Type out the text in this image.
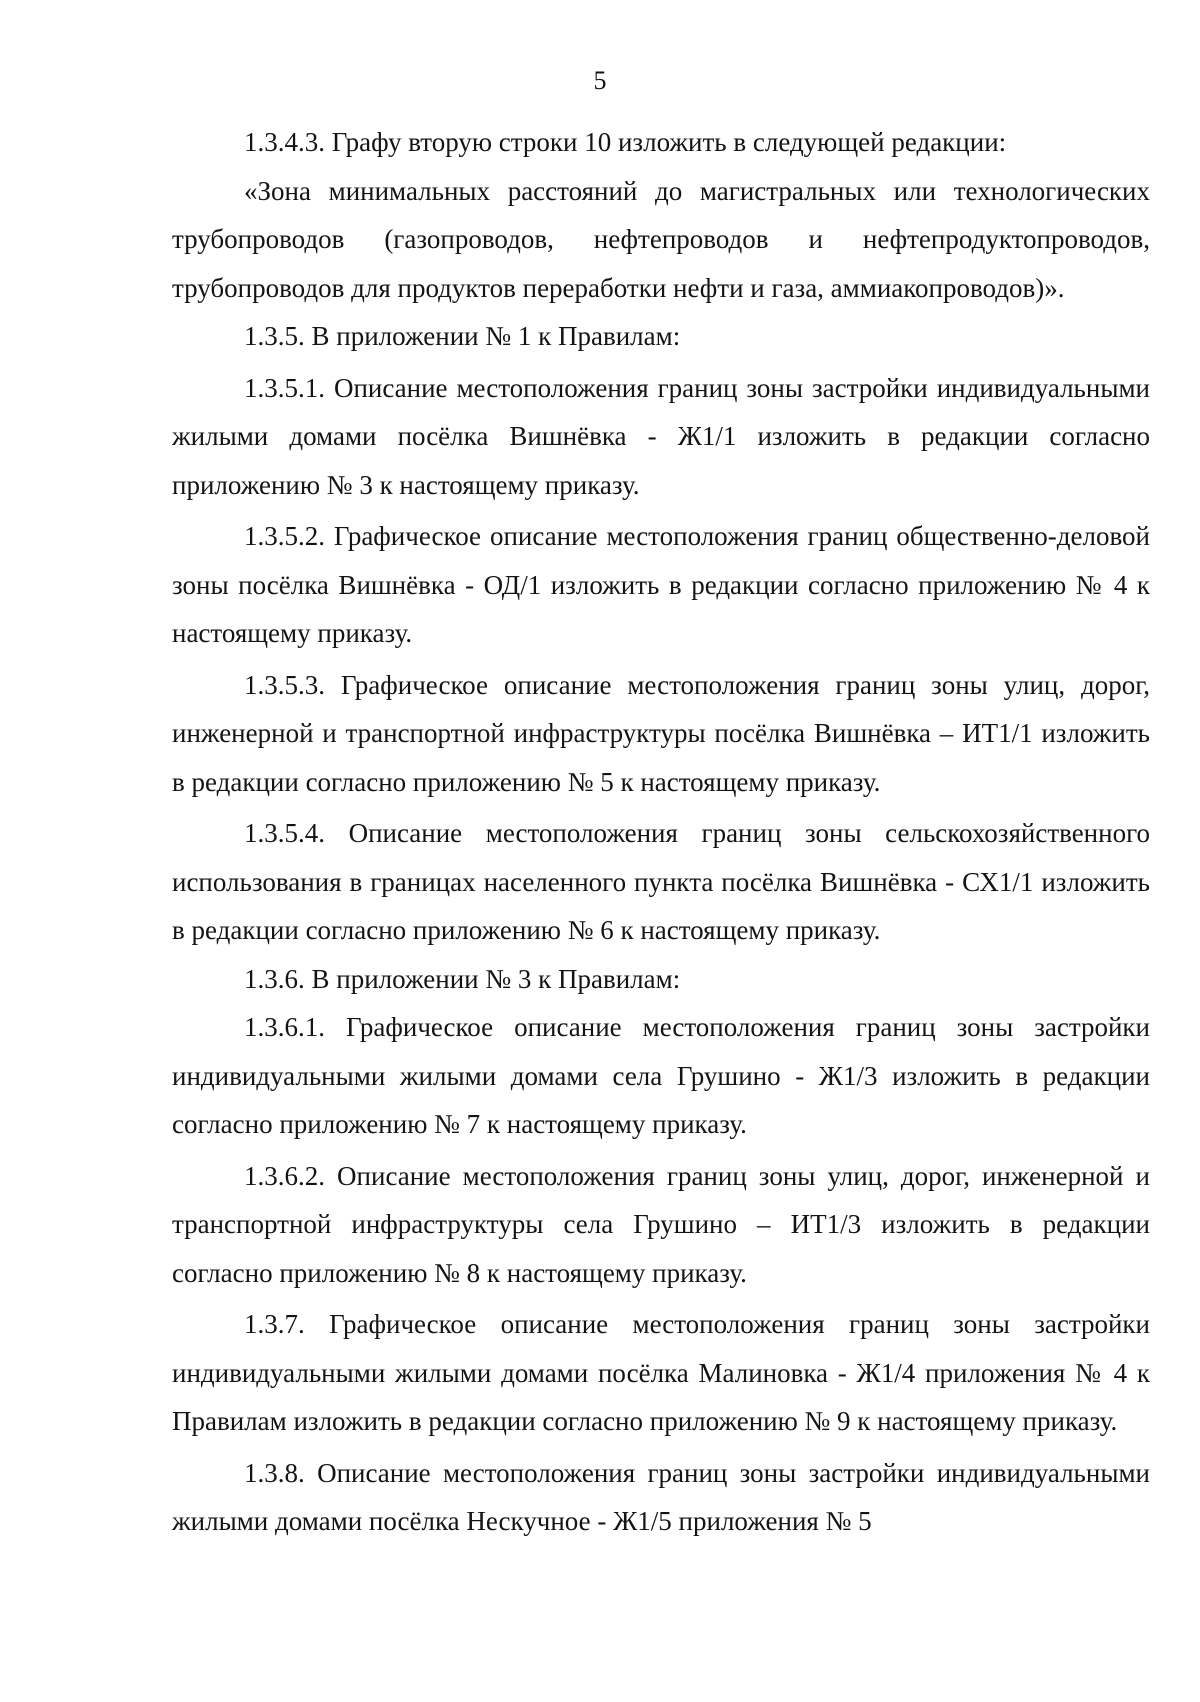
5

1.3.4.3. Графу вторую строки 10 изложить в следующей редакции:

«Зона минимальных расстояний до магистральных или технологических трубопроводов (газопроводов, нефтепроводов и нефтепродуктопроводов, трубопроводов для продуктов переработки нефти и газа, аммиакопроводов)».

1.3.5. В приложении № 1 к Правилам:

1.3.5.1. Описание местоположения границ зоны застройки индивидуальными жилыми домами посёлка Вишнёвка - Ж1/1 изложить в редакции согласно приложению № 3 к настоящему приказу.

1.3.5.2. Графическое описание местоположения границ общественно-деловой зоны посёлка Вишнёвка - ОД/1 изложить в редакции согласно приложению № 4 к настоящему приказу.

1.3.5.3. Графическое описание местоположения границ зоны улиц, дорог, инженерной и транспортной инфраструктуры посёлка Вишнёвка – ИТ1/1 изложить в редакции согласно приложению № 5 к настоящему приказу.

1.3.5.4. Описание местоположения границ зоны сельскохозяйственного использования в границах населенного пункта посёлка Вишнёвка - СХ1/1 изложить в редакции согласно приложению № 6 к настоящему приказу.

1.3.6. В приложении № 3 к Правилам:

1.3.6.1. Графическое описание местоположения границ зоны застройки индивидуальными жилыми домами села Грушино - Ж1/3 изложить в редакции согласно приложению № 7 к настоящему приказу.

1.3.6.2. Описание местоположения границ зоны улиц, дорог, инженерной и транспортной инфраструктуры села Грушино – ИТ1/3 изложить в редакции согласно приложению № 8 к настоящему приказу.

1.3.7. Графическое описание местоположения границ зоны застройки индивидуальными жилыми домами посёлка Малиновка - Ж1/4 приложения № 4 к Правилам изложить в редакции согласно приложению № 9 к настоящему приказу.

1.3.8. Описание местоположения границ зоны застройки индивидуальными жилыми домами посёлка Нескучное - Ж1/5 приложения № 5
